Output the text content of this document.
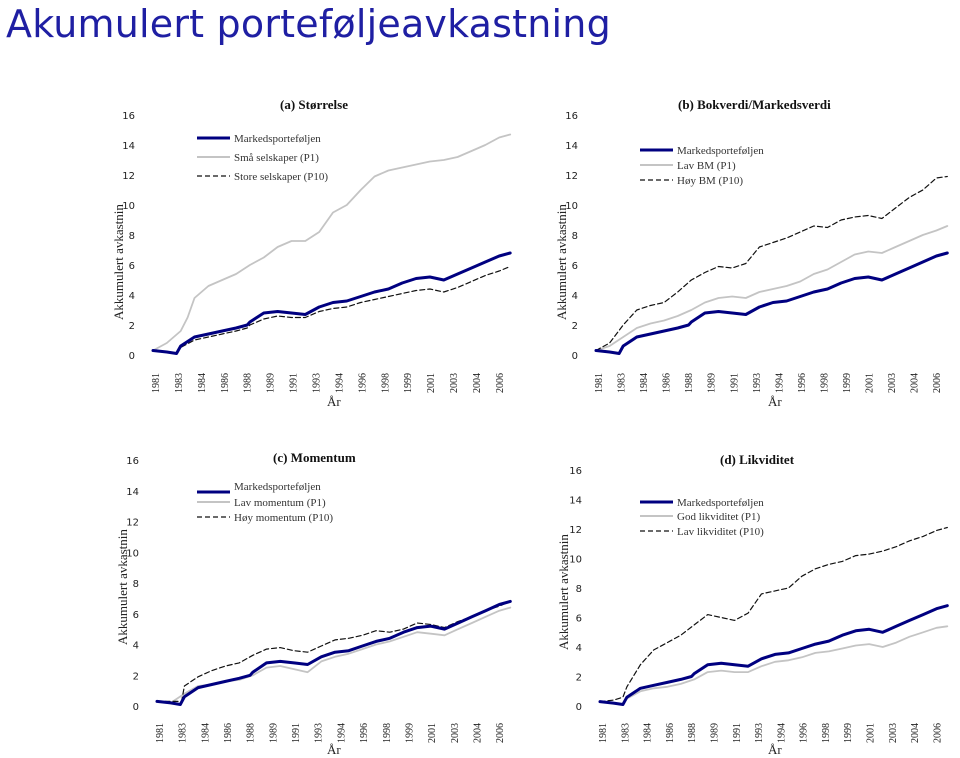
Akumulert porteføljeavkastning
Akkumulert avkastnin
(a) Størrelse
År
Markedsporteføljen
Små selskaper (P1)
Store selskaper (P10)
0
2
4
6
8
10
12
14
16
1981 1983 1984 1986 1988 1989 1991 1993 1994 1996 1998 1999 2001 2003 2004 2006
Akkumulert avkastnin
(b) Bokverdi/Markedsverdi
År
Markedsporteføljen
Lav BM (P1)
Høy BM (P10)
0
2
4
6
8
10
12
14
16
1981 1983 1984 1986 1988 1989 1991 1993 1994 1996 1998 1999 2001 2003 2004 2006
Akkumulert avkastnin
(c) Momentum
År
Markedsporteføljen
Lav momentum (P1)
Høy momentum (P10)
0
2
4
6
8
10
12
14
16
1981 1983 1984 1986 1988 1989 1991 1993 1994 1996 1998 1999 2001 2003 2004 2006
Akkumulert avkastnin
(d) Likviditet
År
Markedsporteføljen
God likviditet (P1)
Lav likviditet (P10)
0
2
4
6
8
10
12
14
16
1981 1983 1984 1986 1988 1989 1991 1993 1994 1996 1998 1999 2001 2003 2004 2006
